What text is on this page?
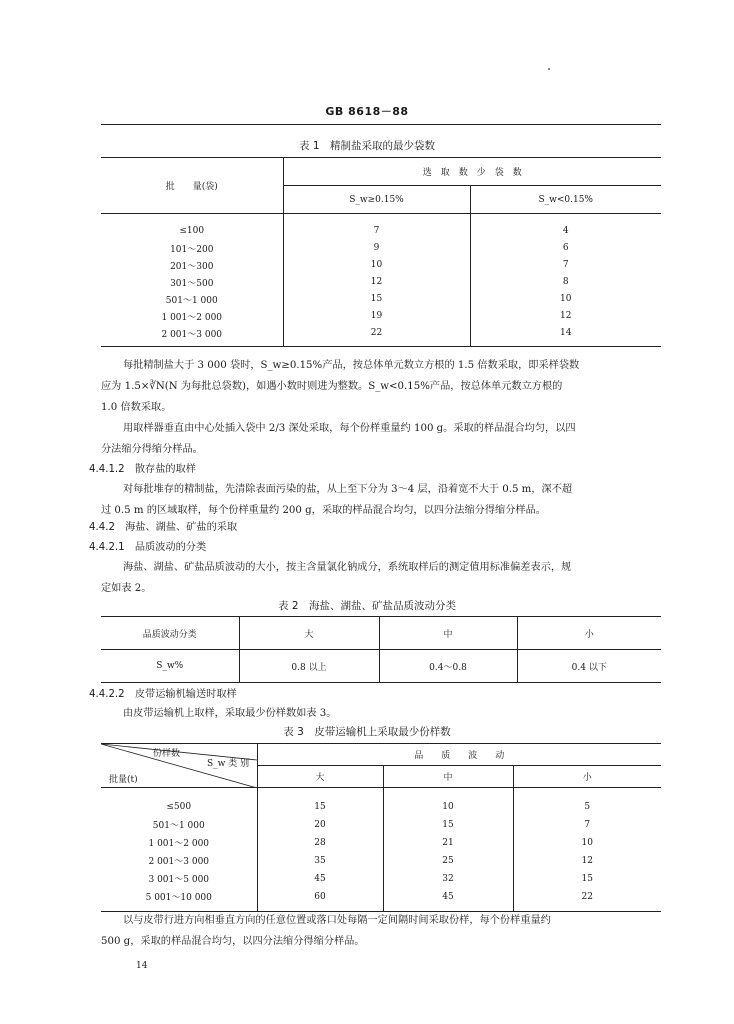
GB 8618－88
表 1　精制盐采取的最少袋数
批　　量(袋)	选　取　数　少　袋　数	
	S_w≥0.15%	S_w<0.15%

≤100	7	4
101～200	9	6
201～300	10	7
301～500	12	8
501～1 000	15	10
1 001～2 000	19	12
2 001～3 000	22	14

每批精制盐大于 3 000 袋时，S_w≥0.15%产品，按总体单元数立方根的 1.5 倍数采取，即采样袋数

应为 1.5×∛N(N 为每批总袋数)，如遇小数时则进为整数。S_w<0.15%产品，按总体单元数立方根的

1.0 倍数采取。

用取样器垂直由中心处插入袋中 2/3 深处采取，每个份样重量约 100 g。采取的样品混合均匀，以四

分法缩分得缩分样品。

4.4.1.2　散存盐的取样

对每批堆存的精制盐，先清除表面污染的盐，从上至下分为 3～4 层，沿着宽不大于 0.5 m，深不超

过 0.5 m 的区域取样，每个份样重量约 200 g，采取的样品混合均匀，以四分法缩分得缩分样品。

4.4.2　海盐、湖盐、矿盐的采取

4.4.2.1　品质波动的分类

海盐、湖盐、矿盐品质波动的大小，按主含量氯化钠成分，系统取样后的测定值用标准偏差表示，规

定如表 2。

表 2　海盐、湖盐、矿盐品质波动分类
品质波动分类	大	中	小
S_w%	0.8 以上	0.4～0.8	0.4 以下

4.4.2.2　皮带运输机输送时取样

由皮带运输机上取样，采取最少份样数如表 3。

表 3　皮带运输机上采取最少份样数
份样数
S_w 类 别
批量(t)	品　　质　　波　　动		
	大	中	小

≤500	15	10	5
501～1 000	20	15	7
1 001～2 000	28	21	10
2 001～3 000	35	25	12
3 001～5 000	45	32	15
5 001～10 000	60	45	22

以与皮带行进方向相垂直方向的任意位置或落口处每隔一定间隔时间采取份样，每个份样重量约

500 g，采取的样品混合均匀，以四分法缩分得缩分样品。

14
